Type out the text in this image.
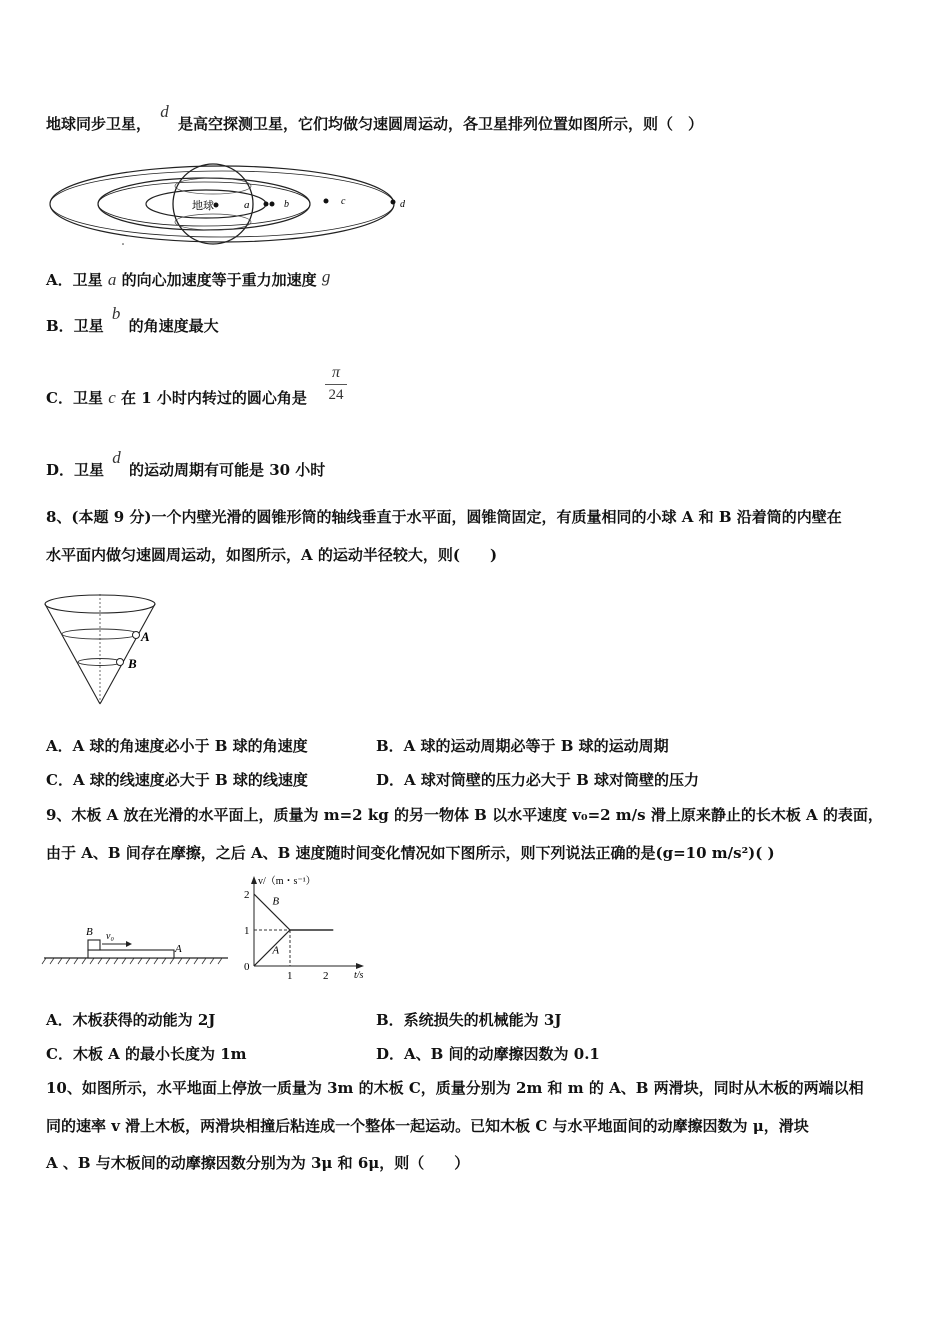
地球同步卫星， d 是高空探测卫星，它们均做匀速圆周运动，各卫星排列位置如图所示，则（　）
地球	a	b	c	d
A．卫星 a 的向心加速度等于重力加速度 g
B．卫星 b 的角速度最大
C．卫星 c 在 1 小时内转过的圆心角是 $\frac{\pi}{24}$
D．卫星 d 的运动周期有可能是 30 小时
8、(本题 9 分)一个内壁光滑的圆锥形筒的轴线垂直于水平面，圆锥筒固定，有质量相同的小球 A 和 B 沿着筒的内壁在
水平面内做匀速圆周运动，如图所示，A 的运动半径较大，则(　　)
A
B
A．A 球的角速度必小于 B 球的角速度	B．A 球的运动周期必等于 B 球的运动周期
C．A 球的线速度必大于 B 球的线速度	D．A 球对筒壁的压力必大于 B 球对筒壁的压力
9、木板 A 放在光滑的水平面上，质量为 m=2 kg 的另一物体 B 以水平速度 v₀=2 m/s 滑上原来静止的长木板 A 的表面，
由于 A、B 间存在摩擦，之后 A、B 速度随时间变化情况如下图所示，则下列说法正确的是(g=10 m/s²)( )
B v₀
A
v/（m・s⁻¹）
t/s
0
1
2
1	2
B
A
A．木板获得的动能为 2J	B．系统损失的机械能为 3J
C．木板 A 的最小长度为 1m	D．A、B 间的动摩擦因数为 0.1
10、如图所示，水平地面上停放一质量为 3m 的木板 C，质量分别为 2m 和 m 的 A、B 两滑块，同时从木板的两端以相
同的速率 v 滑上木板，两滑块相撞后粘连成一个整体一起运动。已知木板 C 与水平地面间的动摩擦因数为 μ，滑块
A 、B 与木板间的动摩擦因数分别为为 3μ 和 6μ，则（　　）
